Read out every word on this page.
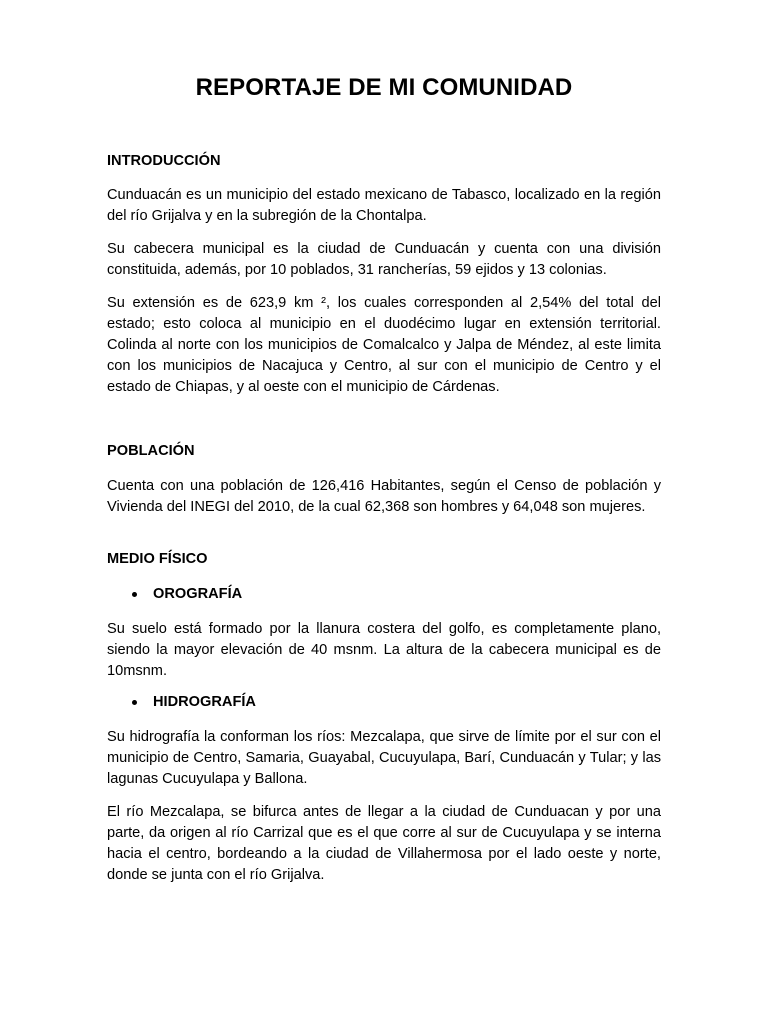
REPORTAJE DE MI COMUNIDAD
INTRODUCCIÓN

Cunduacán es un municipio del estado mexicano de Tabasco, localizado en la región del río Grijalva y en la subregión de la Chontalpa.

Su cabecera municipal es la ciudad de Cunduacán y cuenta con una división constituida, además, por 10 poblados, 31 rancherías, 59 ejidos y 13 colonias.

Su extensión es de 623,9 km ², los cuales corresponden al 2,54% del total del estado; esto coloca al municipio en el duodécimo lugar en extensión territorial. Colinda al norte con los municipios de Comalcalco y Jalpa de Méndez, al este limita con los municipios de Nacajuca y Centro, al sur con el municipio de Centro y el estado de Chiapas, y al oeste con el municipio de Cárdenas.

POBLACIÓN

Cuenta con una población de 126,416 Habitantes, según el Censo de población y Vivienda del INEGI del 2010, de la cual 62,368 son hombres y 64,048 son mujeres.

MEDIO FÍSICO
OROGRAFÍA

Su suelo está formado por la llanura costera del golfo, es completamente plano, siendo la mayor elevación de 40 msnm. La altura de la cabecera municipal es de 10msnm.

HIDROGRAFÍA

Su hidrografía la conforman los ríos: Mezcalapa, que sirve de límite por el sur con el municipio de Centro, Samaria, Guayabal, Cucuyulapa, Barí, Cunduacán y Tular; y las lagunas Cucuyulapa y Ballona.

El río Mezcalapa, se bifurca antes de llegar a la ciudad de Cunduacan y por una parte, da origen al río Carrizal que es el que corre al sur de Cucuyulapa y se interna hacia el centro, bordeando a la ciudad de Villahermosa por el lado oeste y norte, donde se junta con el río Grijalva.
